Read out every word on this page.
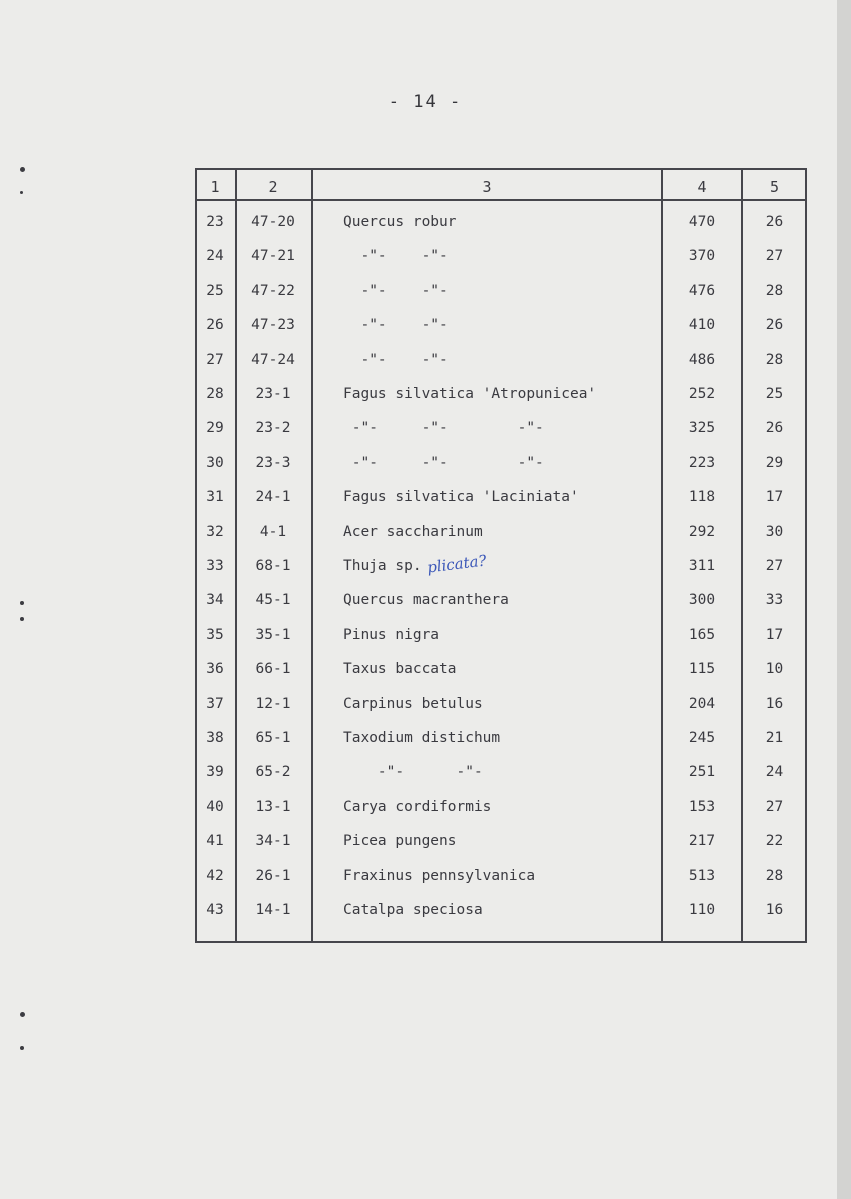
- 14 -
1	2	3	4	5
23	47-20	Quercus robur	470	26
24	47-21	-"-    -"-	370	27
25	47-22	-"-    -"-	476	28
26	47-23	-"-    -"-	410	26
27	47-24	-"-    -"-	486	28
28	23-1	Fagus silvatica 'Atropunicea'	252	25
29	23-2	-"-     -"-        -"-	325	26
30	23-3	-"-     -"-        -"-	223	29
31	24-1	Fagus silvatica 'Laciniata'	118	17
32	4-1	Acer saccharinum	292	30
33	68-1	Thuja sp.	311	27
34	45-1	Quercus macranthera	300	33
35	35-1	Pinus nigra	165	17
36	66-1	Taxus baccata	115	10
37	12-1	Carpinus betulus	204	16
38	65-1	Taxodium distichum	245	21
39	65-2	-"-      -"-	251	24
40	13-1	Carya cordiformis	153	27
41	34-1	Picea pungens	217	22
42	26-1	Fraxinus pennsylvanica	513	28
43	14-1	Catalpa speciosa	110	16
plicata?
